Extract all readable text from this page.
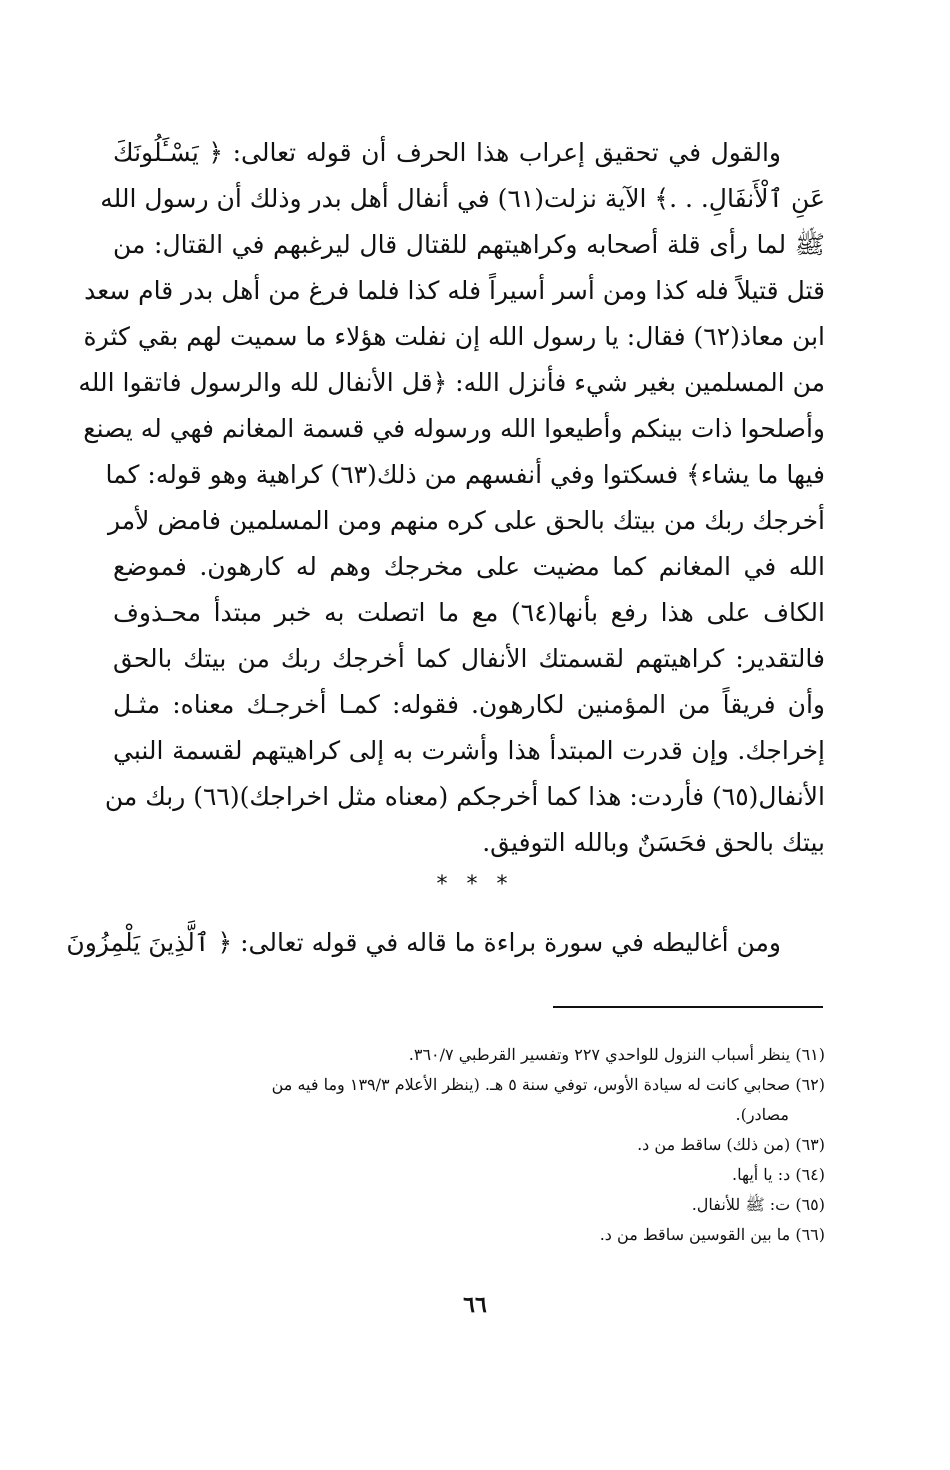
والقول في تحقيق إعراب هذا الحرف أن قوله تعالى: ﴿ يَسْـَٔلُونَكَ
عَنِ ٱلْأَنفَالِ. . .﴾ الآية نزلت(٦١) في أنفال أهل بدر وذلك أن رسول الله
ﷺ لما رأى قلة أصحابه وكراهيتهم للقتال قال ليرغبهم في القتال: من
قتل قتيلاً فله كذا ومن أسر أسيراً فله كذا فلما فرغ من أهل بدر قام سعد
ابن معاذ(٦٢) فقال: يا رسول الله إن نفلت هؤلاء ما سميت لهم بقي كثرة
من المسلمين بغير شيء فأنزل الله: ﴿قل الأنفال لله والرسول فاتقوا الله
وأصلحوا ذات بينكم وأطيعوا الله ورسوله في قسمة المغانم فهي له يصنع
فيها ما يشاء﴾ فسكتوا وفي أنفسهم من ذلك(٦٣) كراهية وهو قوله: كما
أخرجك ربك من بيتك بالحق على كره منهم ومن المسلمين فامض لأمر
الله في المغانم كما مضيت على مخرجك وهم له كارهون. فموضع
الكاف على هذا رفع بأنها(٦٤) مع ما اتصلت به خبر مبتدأ محـذوف
فالتقدير: كراهيتهم لقسمتك الأنفال كما أخرجك ربك من بيتك بالحق
وأن فريقاً من المؤمنين لكارهون. فقوله: كمـا أخرجـك معناه: مثـل
إخراجك. وإن قدرت المبتدأ هذا وأشرت به إلى كراهيتهم لقسمة النبي
الأنفال(٦٥) فأردت: هذا كما أخرجكم (معناه مثل اخراجك)(٦٦) ربك من
بيتك بالحق فحَسَنٌ وبالله التوفيق.
* * *
ومن أغاليطه في سورة براءة ما قاله في قوله تعالى: ﴿ ٱلَّذِينَ يَلْمِزُونَ
(٦١) ينظر أسباب النزول للواحدي ٢٢٧ وتفسير القرطبي ٣٦٠/٧.
(٦٢) صحابي كانت له سيادة الأوس، توفي سنة ٥ هـ. (ينظر الأعلام ١٣٩/٣ وما فيه من
مصادر).
(٦٣) (من ذلك) ساقط من د.
(٦٤) د: يا أيها.
(٦٥) ت: ﷺ للأنفال.
(٦٦) ما بين القوسين ساقط من د.
٦٦
